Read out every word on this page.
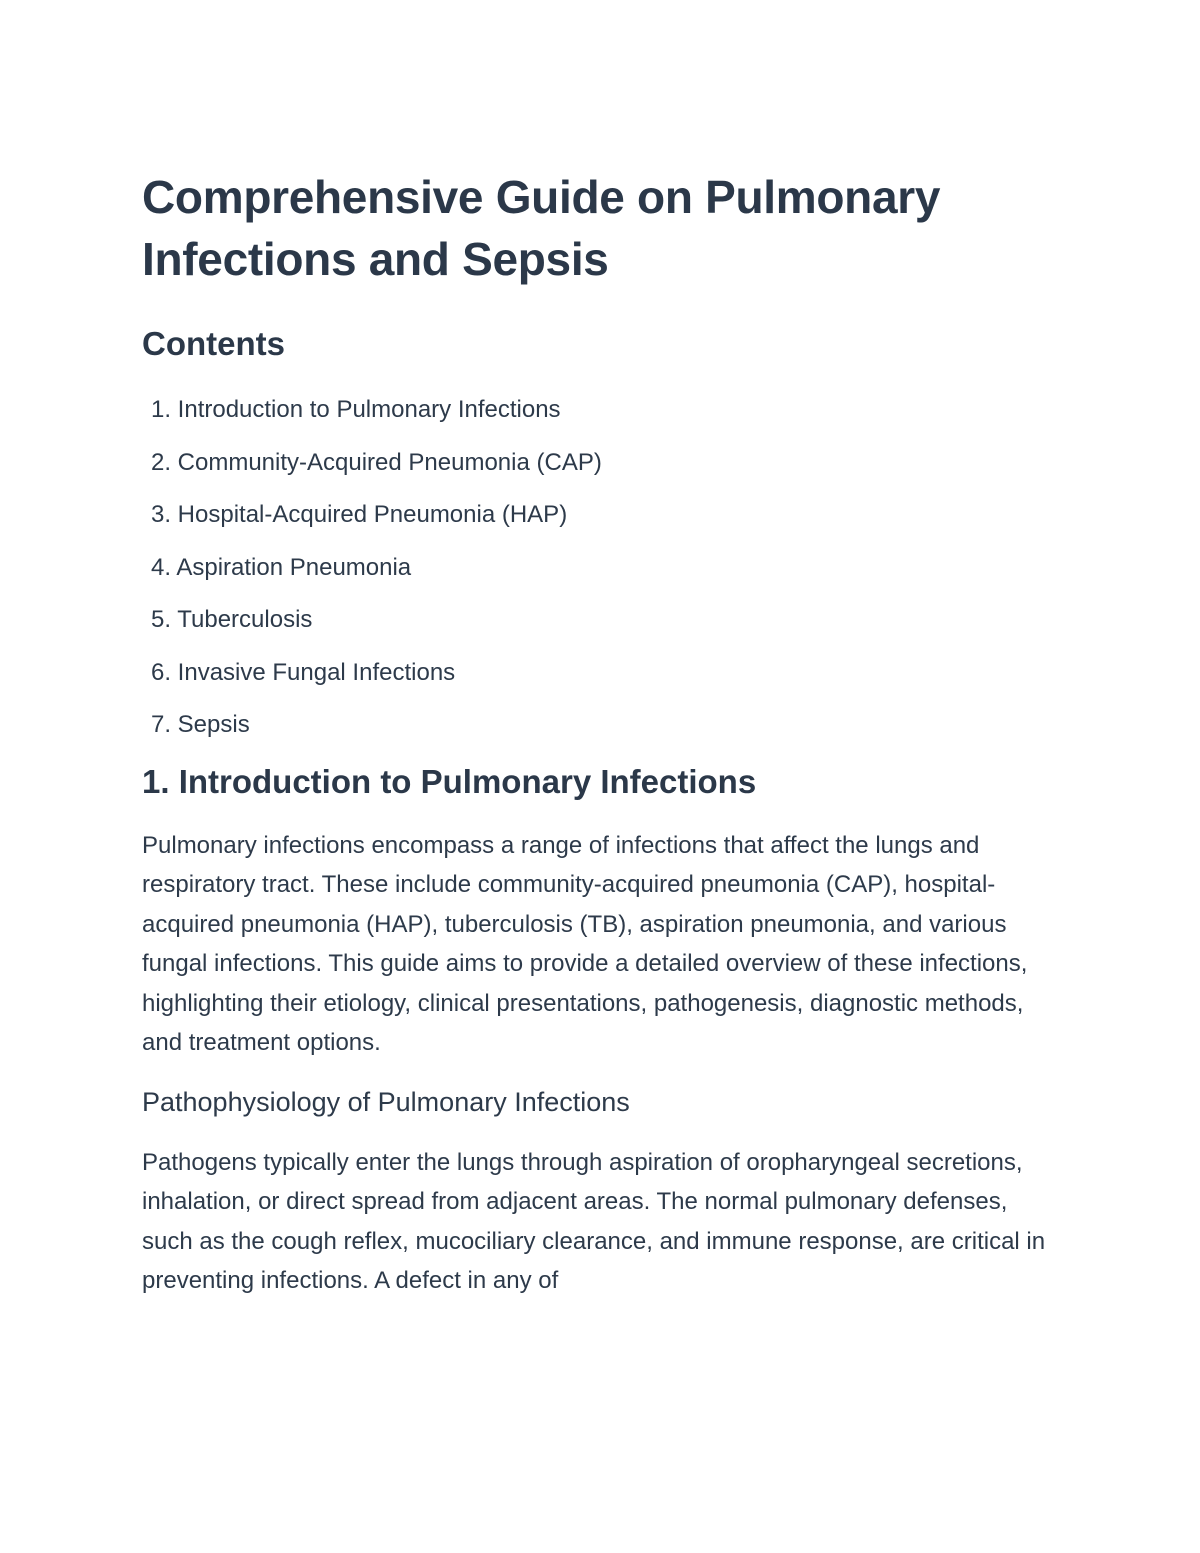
Comprehensive Guide on Pulmonary Infections and Sepsis
Contents
1. Introduction to Pulmonary Infections
2. Community-Acquired Pneumonia (CAP)
3. Hospital-Acquired Pneumonia (HAP)
4. Aspiration Pneumonia
5. Tuberculosis
6. Invasive Fungal Infections
7. Sepsis
1. Introduction to Pulmonary Infections

Pulmonary infections encompass a range of infections that affect the lungs and respiratory tract. These include community-acquired pneumonia (CAP), hospital-acquired pneumonia (HAP), tuberculosis (TB), aspiration pneumonia, and various fungal infections. This guide aims to provide a detailed overview of these infections, highlighting their etiology, clinical presentations, pathogenesis, diagnostic methods, and treatment options.

Pathophysiology of Pulmonary Infections

Pathogens typically enter the lungs through aspiration of oropharyngeal secretions, inhalation, or direct spread from adjacent areas. The normal pulmonary defenses, such as the cough reflex, mucociliary clearance, and immune response, are critical in preventing infections. A defect in any of
